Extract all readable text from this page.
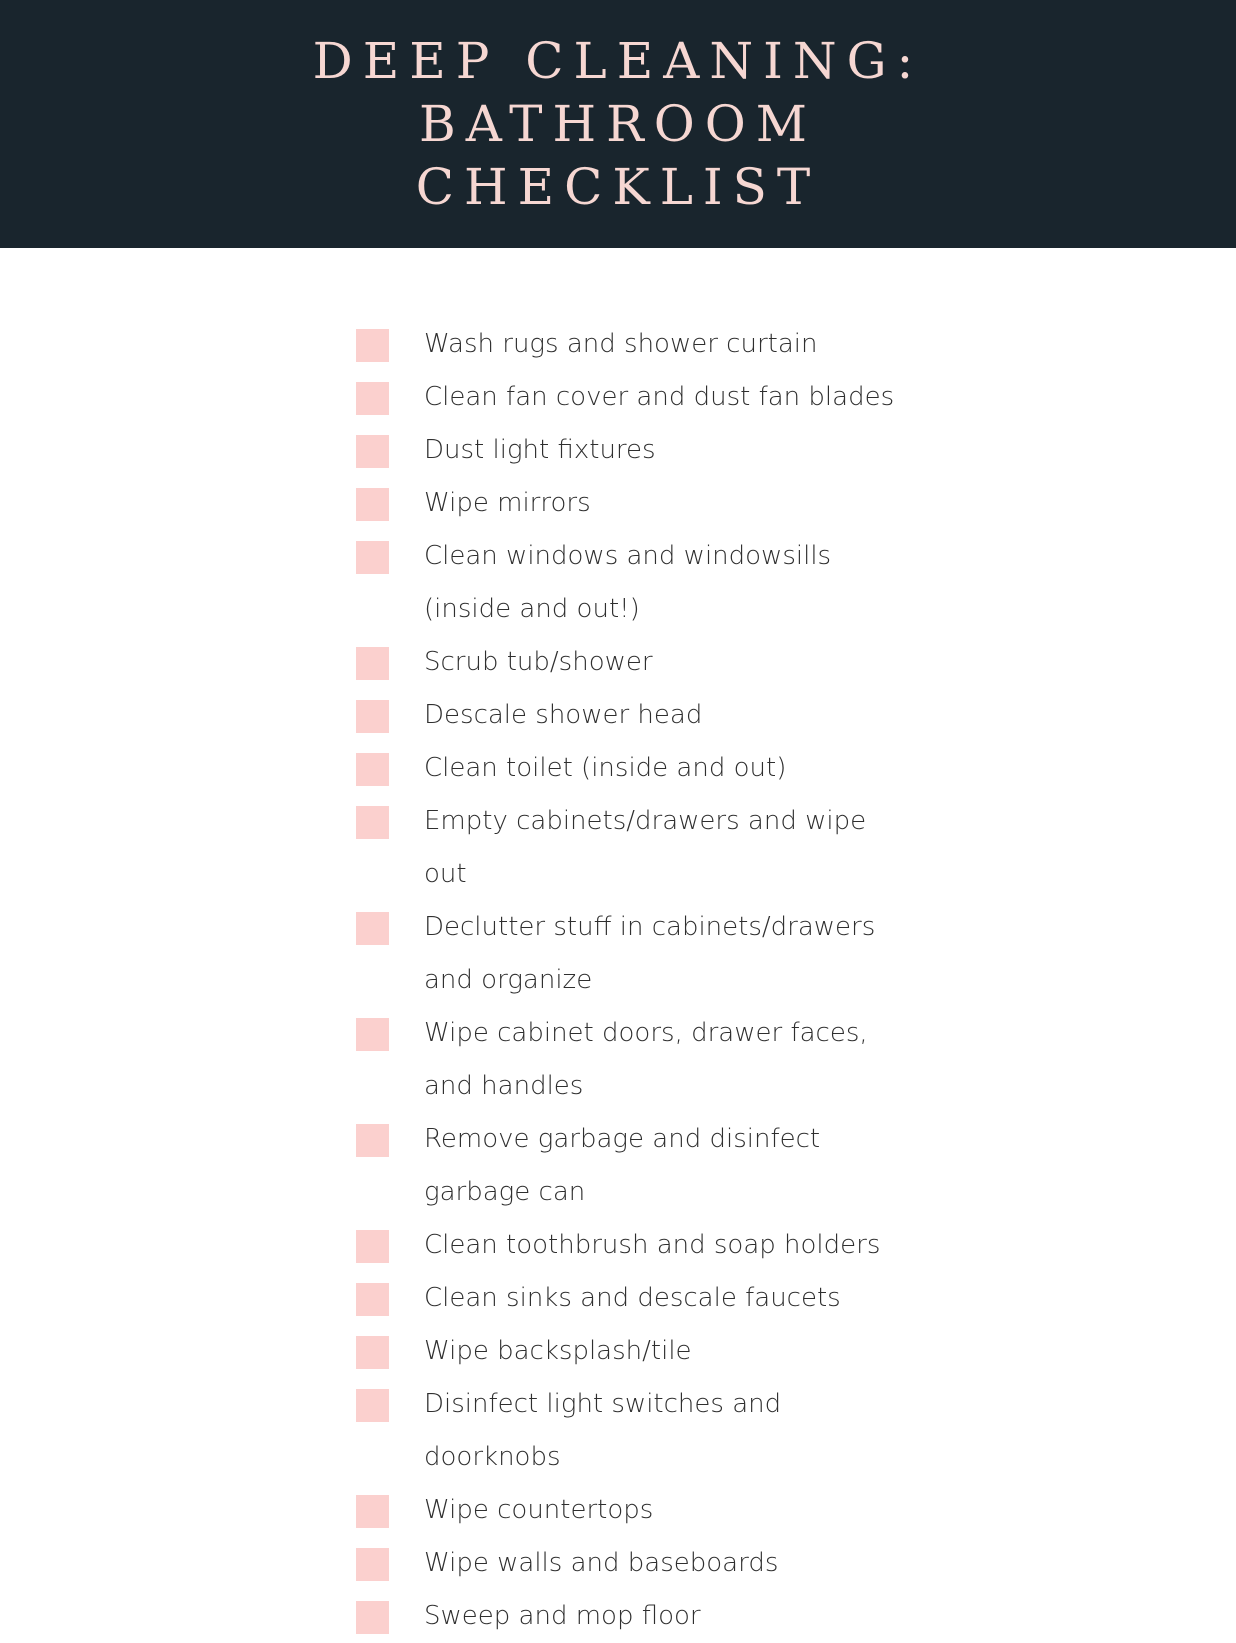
DEEP CLEANING:
BATHROOM
CHECKLIST
Wash rugs and shower curtain
Clean fan cover and dust fan blades
Dust light fixtures
Wipe mirrors
Clean windows and windowsills (inside and out!)
Scrub tub/shower
Descale shower head
Clean toilet (inside and out)
Empty cabinets/drawers and wipe out
Declutter stuff in cabinets/drawers and organize
Wipe cabinet doors, drawer faces, and handles
Remove garbage and disinfect garbage can
Clean toothbrush and soap holders
Clean sinks and descale faucets
Wipe backsplash/tile
Disinfect light switches and doorknobs
Wipe countertops
Wipe walls and baseboards
Sweep and mop floor
